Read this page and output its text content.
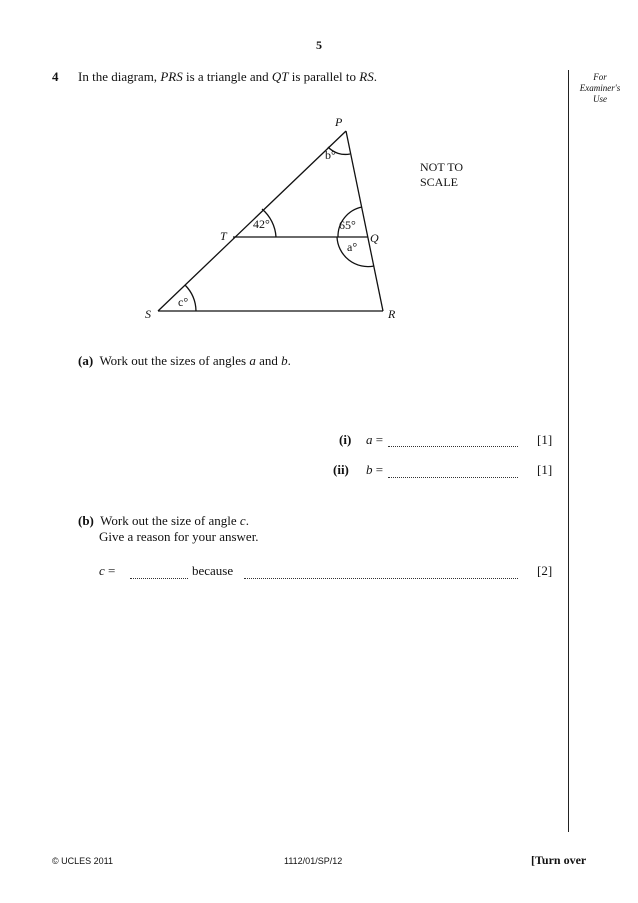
5
For
Examiner's
Use
4 In the diagram, PRS is a triangle and QT is parallel to RS.
P
T	Q
S	R
b°
42°	65°
a°
c°
NOT TO
SCALE
(a) Work out the sizes of angles a and b.
(i) a =	[1]
(ii) b =	[1]
(b) Work out the size of angle c.
Give a reason for your answer.
c =	because	[2]
© UCLES 2011	1112/01/SP/12	[Turn over
